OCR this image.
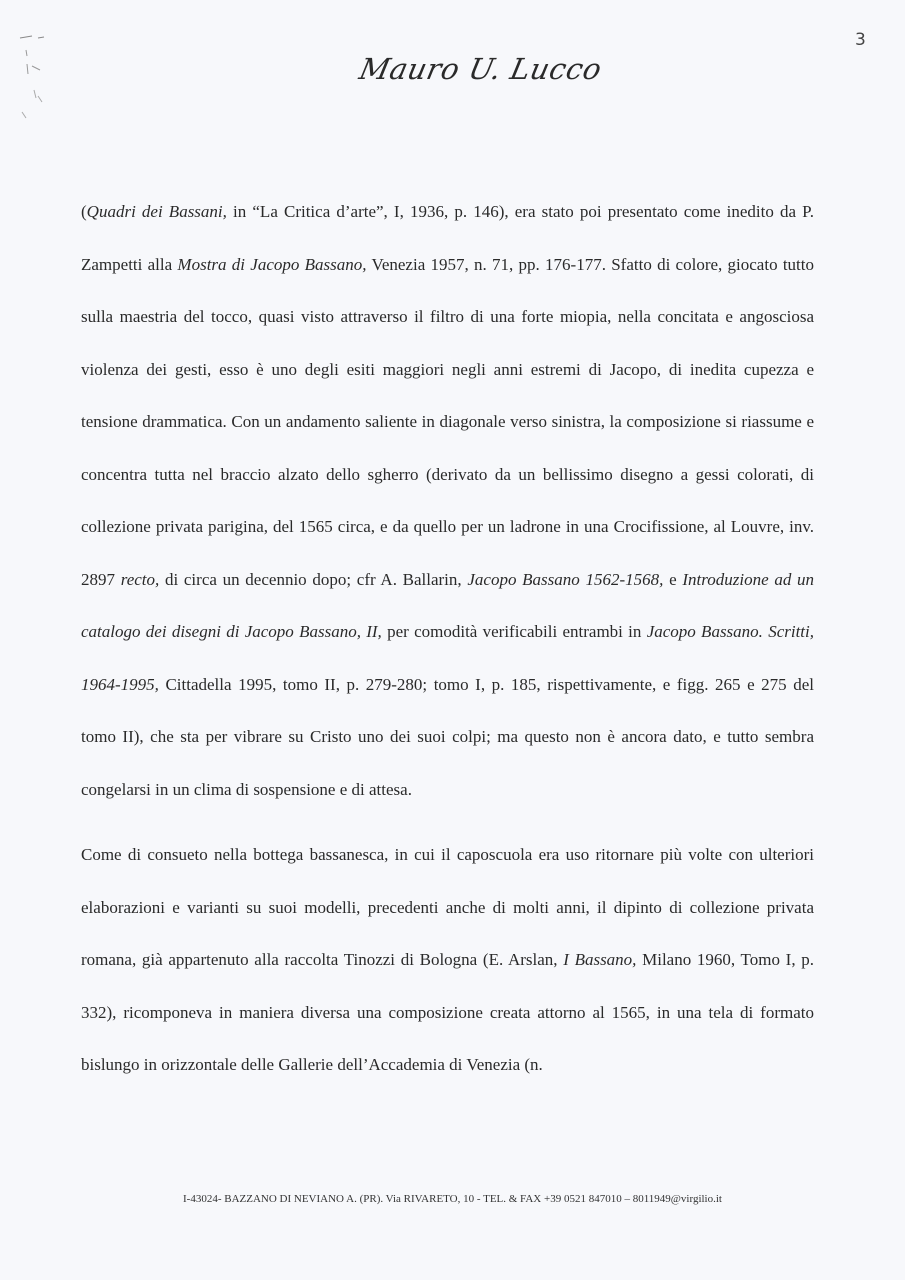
3
Mauro U. Lucco

(Quadri dei Bassani, in “La Critica d’arte”, I, 1936, p. 146), era stato poi presentato come inedito da P. Zampetti alla Mostra di Jacopo Bassano, Venezia 1957, n. 71, pp. 176-177. Sfatto di colore, giocato tutto sulla maestria del tocco, quasi visto attraverso il filtro di una forte miopia, nella concitata e angosciosa violenza dei gesti, esso è uno degli esiti maggiori negli anni estremi di Jacopo, di inedita cupezza e tensione drammatica. Con un andamento saliente in diagonale verso sinistra, la composizione si riassume e concentra tutta nel braccio alzato dello sgherro (derivato da un bellissimo disegno a gessi colorati, di collezione privata parigina, del 1565 circa, e da quello per un ladrone in una Crocifissione, al Louvre, inv. 2897 recto, di circa un decennio dopo; cfr A. Ballarin, Jacopo Bassano 1562-1568, e Introduzione ad un catalogo dei disegni di Jacopo Bassano, II, per comodità verificabili entrambi in Jacopo Bassano. Scritti, 1964-1995, Cittadella 1995, tomo II, p. 279-280; tomo I, p. 185, rispettivamente, e figg. 265 e 275 del tomo II), che sta per vibrare su Cristo uno dei suoi colpi; ma questo non è ancora dato, e tutto sembra congelarsi in un clima di sospensione e di attesa.

Come di consueto nella bottega bassanesca, in cui il caposcuola era uso ritornare più volte con ulteriori elaborazioni e varianti su suoi modelli, precedenti anche di molti anni, il dipinto di collezione privata romana, già appartenuto alla raccolta Tinozzi di Bologna (E. Arslan, I Bassano, Milano 1960, Tomo I, p. 332), ricomponeva in maniera diversa una composizione creata attorno al 1565, in una tela di formato bislungo in orizzontale delle Gallerie dell’Accademia di Venezia (n.

I-43024- BAZZANO DI NEVIANO A. (PR). Via RIVARETO, 10 - TEL. & FAX +39 0521 847010 – 8011949@virgilio.it
